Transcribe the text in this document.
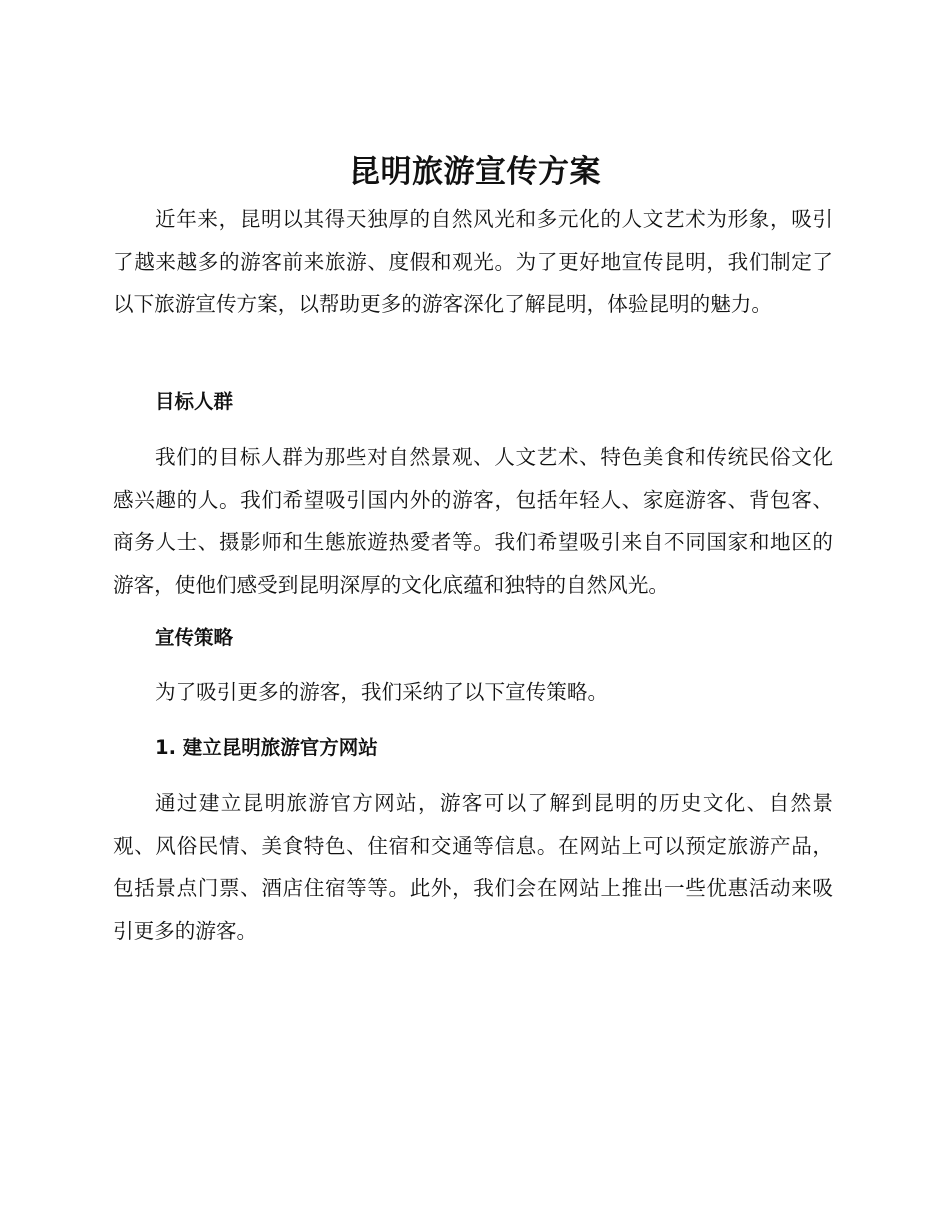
昆明旅游宣传方案

近年来，昆明以其得天独厚的自然风光和多元化的人文艺术为形象，吸引了越来越多的游客前来旅游、度假和观光。为了更好地宣传昆明，我们制定了以下旅游宣传方案，以帮助更多的游客深化了解昆明，体验昆明的魅力。

目标人群

我们的目标人群为那些对自然景观、人文艺术、特色美食和传统民俗文化感兴趣的人。我们希望吸引国内外的游客，包括年轻人、家庭游客、背包客、商务人士、摄影师和生態旅遊热愛者等。我们希望吸引来自不同国家和地区的游客，使他们感受到昆明深厚的文化底蕴和独特的自然风光。

宣传策略

为了吸引更多的游客，我们采纳了以下宣传策略。

1. 建立昆明旅游官方网站

通过建立昆明旅游官方网站，游客可以了解到昆明的历史文化、自然景观、风俗民情、美食特色、住宿和交通等信息。在网站上可以预定旅游产品，包括景点门票、酒店住宿等等。此外，我们会在网站上推出一些优惠活动来吸引更多的游客。
